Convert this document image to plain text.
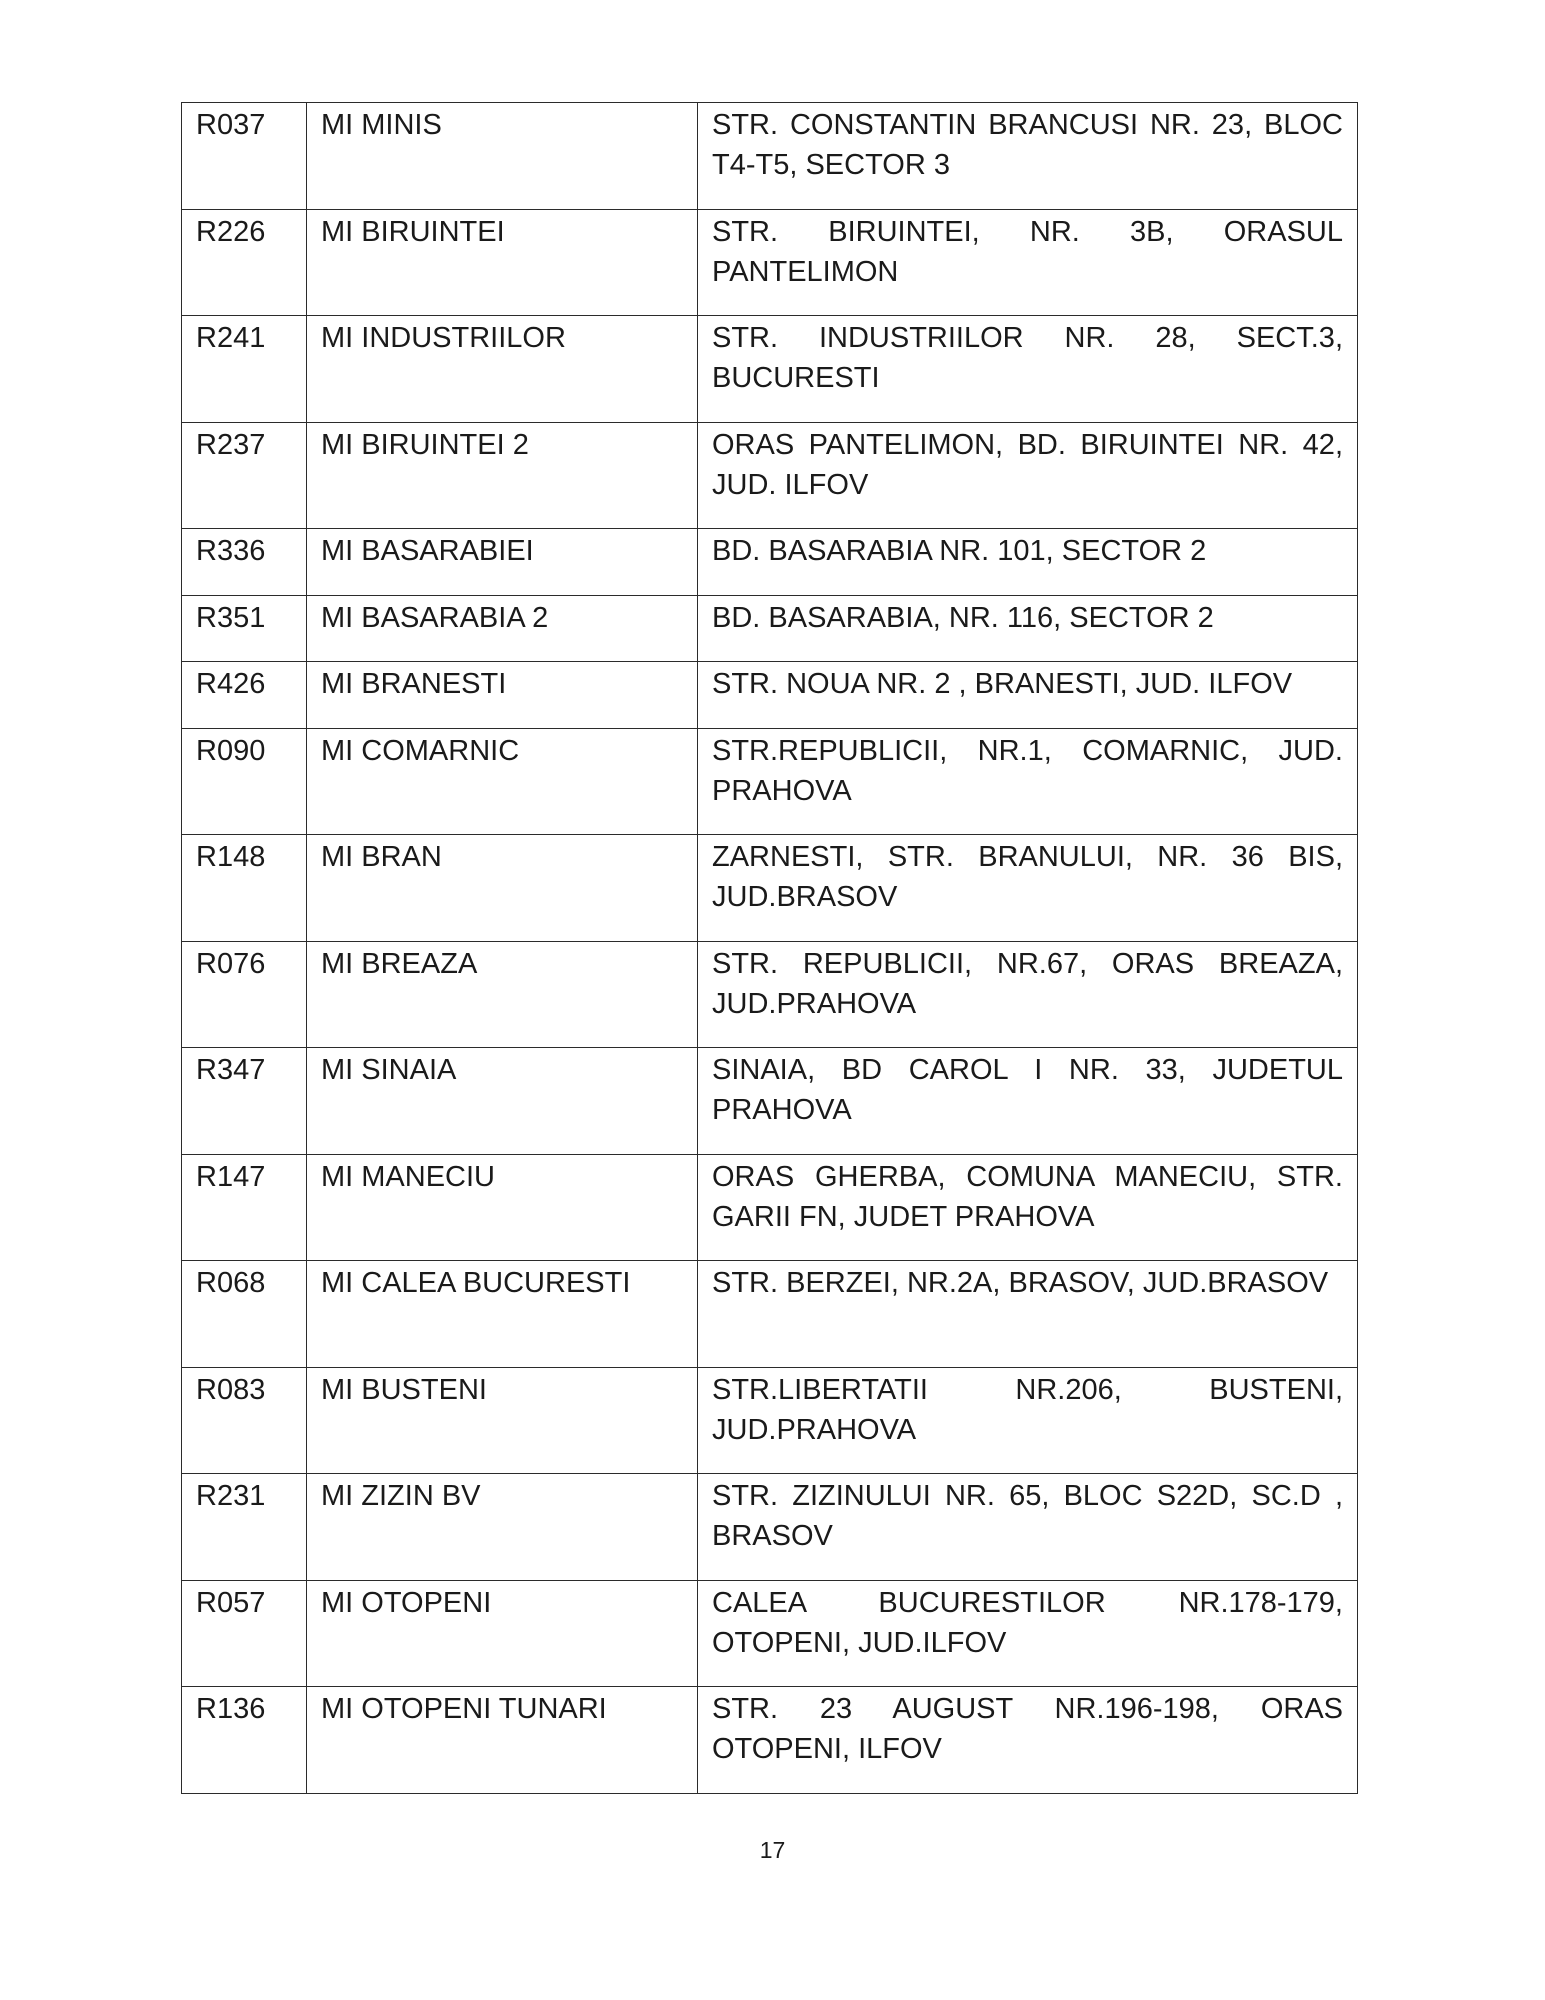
R037	MI MINIS	STR. CONSTANTIN BRANCUSI NR. 23, BLOC T4-T5, SECTOR 3
R226	MI BIRUINTEI	STR. BIRUINTEI, NR. 3B, ORASUL PANTELIMON
R241	MI INDUSTRIILOR	STR. INDUSTRIILOR NR. 28, SECT.3, BUCURESTI
R237	MI BIRUINTEI 2	ORAS PANTELIMON, BD. BIRUINTEI NR. 42, JUD. ILFOV
R336	MI BASARABIEI	BD. BASARABIA NR. 101, SECTOR 2
R351	MI BASARABIA 2	BD. BASARABIA, NR. 116, SECTOR 2
R426	MI BRANESTI	STR. NOUA NR. 2 , BRANESTI, JUD. ILFOV
R090	MI COMARNIC	STR.REPUBLICII, NR.1, COMARNIC, JUD. PRAHOVA
R148	MI BRAN	ZARNESTI, STR. BRANULUI, NR. 36 BIS, JUD.BRASOV
R076	MI BREAZA	STR. REPUBLICII, NR.67, ORAS BREAZA, JUD.PRAHOVA
R347	MI SINAIA	SINAIA, BD CAROL I NR. 33, JUDETUL PRAHOVA
R147	MI MANECIU	ORAS GHERBA, COMUNA MANECIU, STR. GARII FN, JUDET PRAHOVA
R068	MI CALEA BUCURESTI	STR. BERZEI, NR.2A, BRASOV, JUD.BRASOV
R083	MI BUSTENI	STR.LIBERTATII NR.206, BUSTENI, JUD.PRAHOVA
R231	MI ZIZIN BV	STR. ZIZINULUI NR. 65, BLOC S22D, SC.D , BRASOV
R057	MI OTOPENI	CALEA BUCURESTILOR NR.178-179, OTOPENI, JUD.ILFOV
R136	MI OTOPENI TUNARI	STR. 23 AUGUST NR.196-198, ORAS OTOPENI, ILFOV
17
